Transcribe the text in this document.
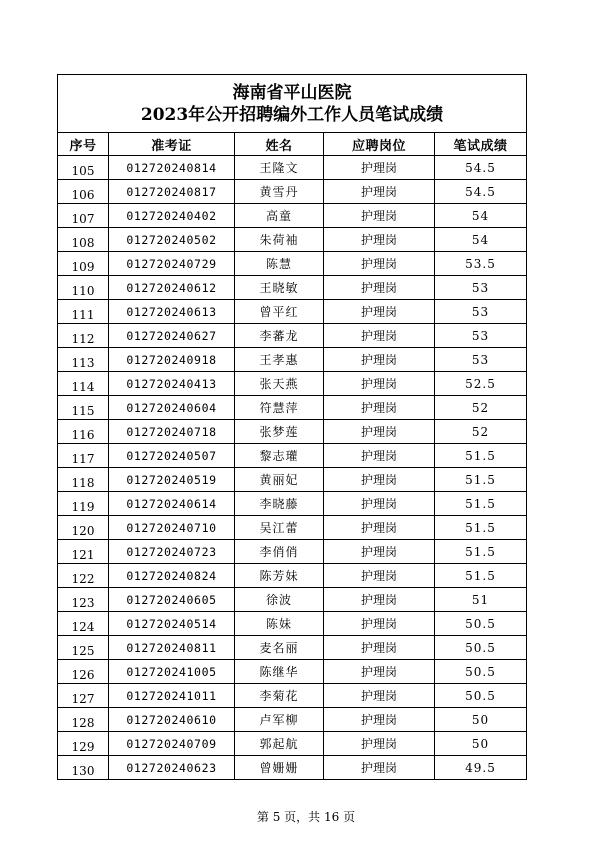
海南省平山医院
2023年公开招聘编外工作人员笔试成绩				

序号	准考证	姓名	应聘岗位	笔试成绩
105	012720240814	王隆文	护理岗	54.5
106	012720240817	黄雪丹	护理岗	54.5
107	012720240402	高童	护理岗	54
108	012720240502	朱荷袖	护理岗	54
109	012720240729	陈慧	护理岗	53.5
110	012720240612	王晓敏	护理岗	53
111	012720240613	曾平红	护理岗	53
112	012720240627	李蕃龙	护理岗	53
113	012720240918	王孝惠	护理岗	53
114	012720240413	张天燕	护理岗	52.5
115	012720240604	符慧萍	护理岗	52
116	012720240718	张梦莲	护理岗	52
117	012720240507	黎志瓘	护理岗	51.5
118	012720240519	黄丽妃	护理岗	51.5
119	012720240614	李晓藤	护理岗	51.5
120	012720240710	吴江蕾	护理岗	51.5
121	012720240723	李俏俏	护理岗	51.5
122	012720240824	陈芳妹	护理岗	51.5
123	012720240605	徐波	护理岗	51
124	012720240514	陈妹	护理岗	50.5
125	012720240811	麦名丽	护理岗	50.5
126	012720241005	陈继华	护理岗	50.5
127	012720241011	李菊花	护理岗	50.5
128	012720240610	卢军柳	护理岗	50
129	012720240709	郭起航	护理岗	50
130	012720240623	曾姗姗	护理岗	49.5
第 5 页，共 16 页
